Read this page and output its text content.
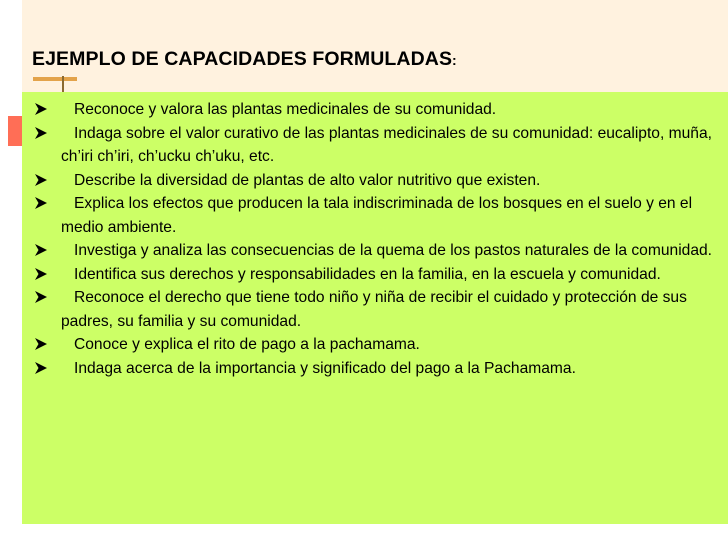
EJEMPLO DE CAPACIDADES FORMULADAS:
Reconoce y valora las plantas medicinales de su comunidad.
Indaga sobre el valor curativo de las plantas medicinales de su comunidad: eucalipto, muña, ch’iri ch’iri, ch’ucku ch’uku, etc.
Describe la diversidad de plantas de alto valor nutritivo que existen.
Explica los efectos que producen la tala indiscriminada de los bosques en el suelo y en el medio ambiente.
Investiga y analiza las consecuencias de la quema de los pastos naturales de la comunidad.
Identifica sus derechos y responsabilidades en la familia, en la escuela y comunidad.
Reconoce el derecho que tiene todo niño y niña de recibir el cuidado y protección de sus padres, su familia y su comunidad.
Conoce y explica el rito de pago a la pachamama.
Indaga acerca de la importancia y significado del pago a la Pachamama.
